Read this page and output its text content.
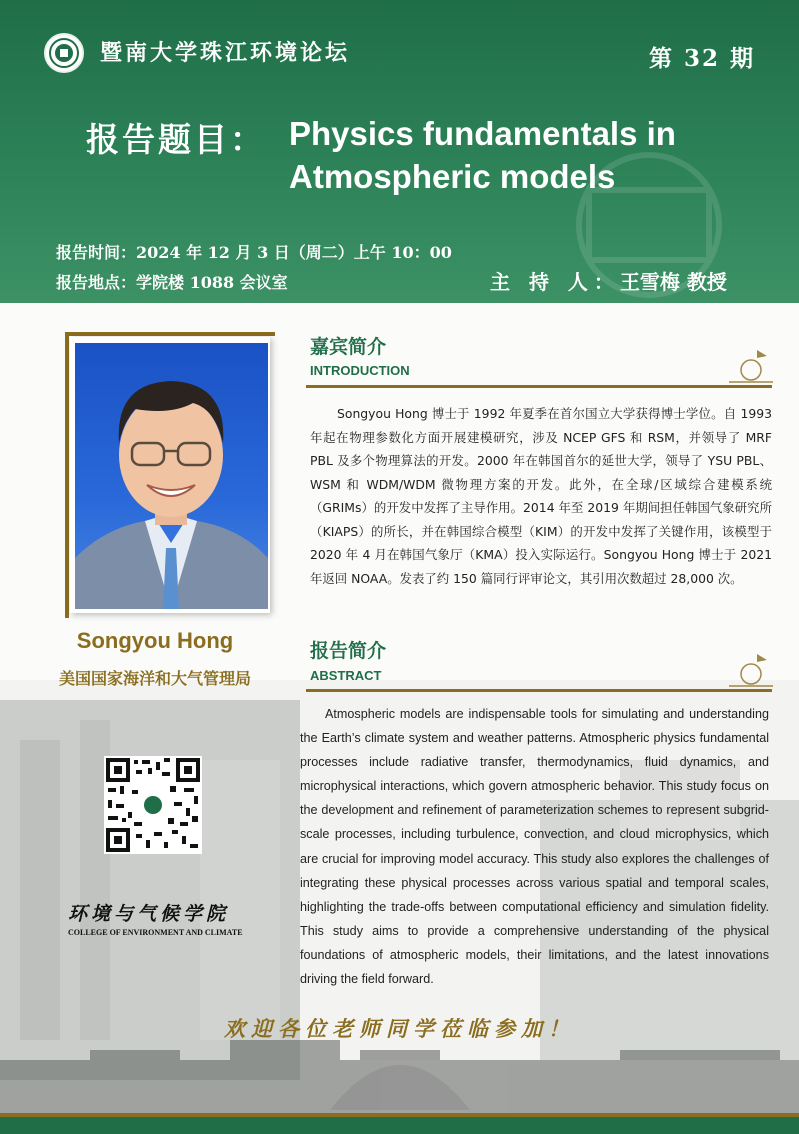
暨南大学珠江环境论坛	第 32 期
报告题目： Physics fundamentals in Atmospheric models
报告时间：2024 年 12 月 3 日（周二）上午 10：00
报告地点：学院楼 1088 会议室	主 持 人：王雪梅 教授
Songyou Hong
美国国家海洋和大气管理局
嘉宾简介
INTRODUCTION
Songyou Hong 博士于 1992 年夏季在首尔国立大学获得博士学位。自 1993 年起在物理参数化方面开展建模研究，涉及 NCEP GFS 和 RSM，并领导了 MRF PBL 及多个物理算法的开发。2000 年在韩国首尔的延世大学，领导了 YSU PBL、WSM 和 WDM/WDM 微物理方案的开发。此外，在全球/区域综合建模系统（GRIMs）的开发中发挥了主导作用。2014 年至 2019 年期间担任韩国气象研究所（KIAPS）的所长，并在韩国综合模型（KIM）的开发中发挥了关键作用，该模型于 2020 年 4 月在韩国气象厅（KMA）投入实际运行。Songyou Hong 博士于 2021 年返回 NOAA。发表了约 150 篇同行评审论文，其引用次数超过 28,000 次。
报告简介
ABSTRACT
Atmospheric models are indispensable tools for simulating and understanding the Earth’s climate system and weather patterns. Atmospheric physics fundamental processes include radiative transfer, thermodynamics, fluid dynamics, and microphysical interactions, which govern atmospheric behavior. This study focus on the development and refinement of parameterization schemes to represent subgrid-scale processes, including turbulence, convection, and cloud microphysics, which are crucial for improving model accuracy. This study also explores the challenges of integrating these physical processes across various spatial and temporal scales, highlighting the trade-offs between computational efficiency and simulation fidelity. This study aims to provide a comprehensive understanding of the physical foundations of atmospheric models, their limitations, and the latest innovations driving the field forward.
环境与气候学院
COLLEGE OF ENVIRONMENT AND CLIMATE
欢迎各位老师同学莅临参加！
